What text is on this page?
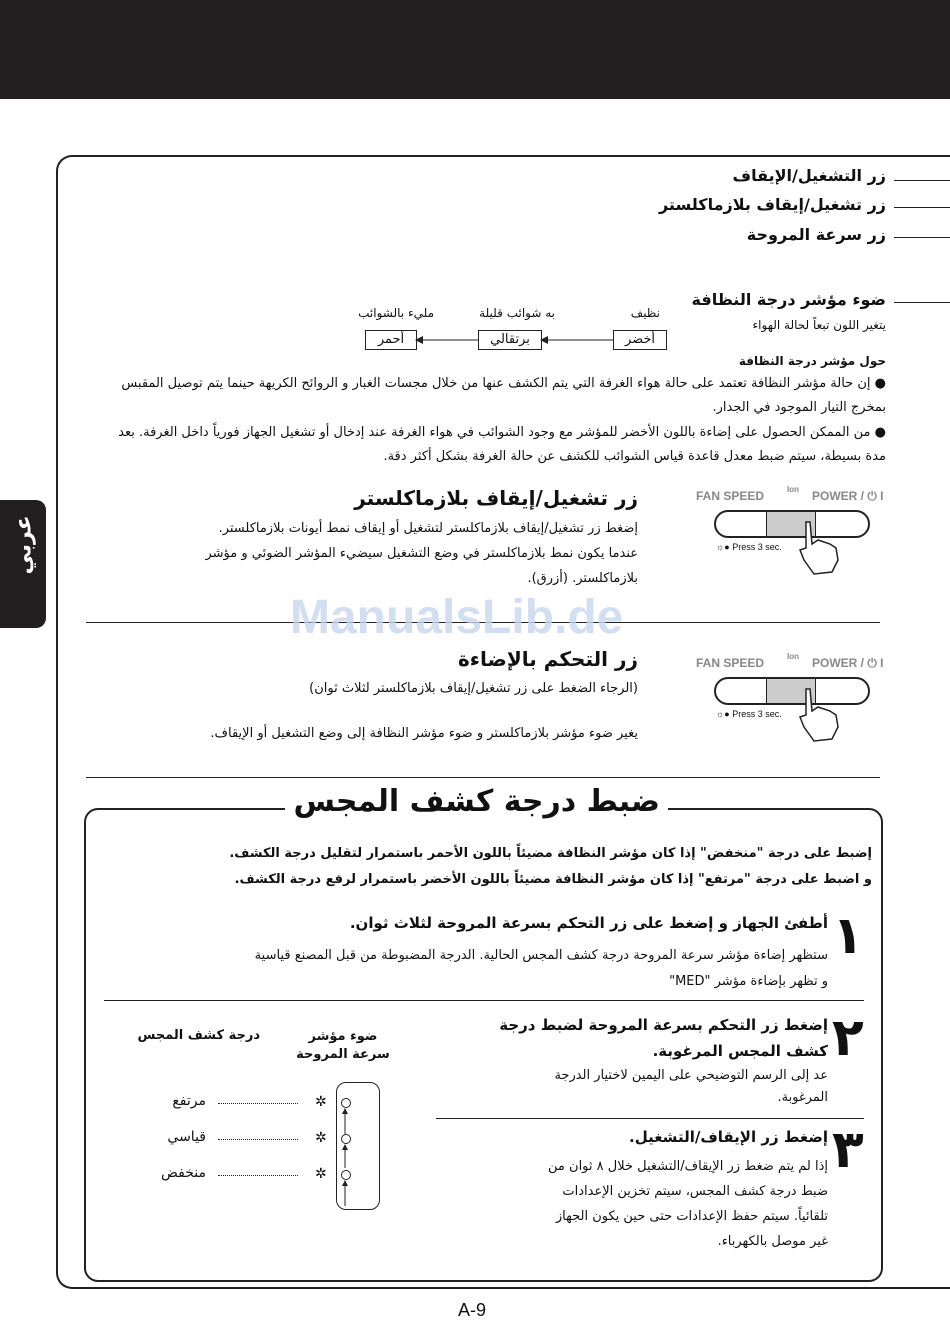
عربي
زر التشغيل/الإيقاف
زر تشغيل/إيقاف بلازماكلستر
زر سرعة المروحة
ضوء مؤشر درجة النظافة
يتغير اللون تبعاً لحالة الهواء
نظيف
أخضر
به شوائب قليلة
برتقالي
مليء بالشوائب
أحمر
حول مؤشر درجة النظافة
● إن حالة مؤشر النظافة تعتمد على حالة هواء الغرفة التي يتم الكشف عنها من خلال مجسات الغبار و الروائح الكريهة حينما يتم توصيل المقبس بمخرج التيار الموجود في الجدار.
● من الممكن الحصول على إضاءة باللون الأخضر للمؤشر مع وجود الشوائب في هواء الغرفة عند إدخال أو تشغيل الجهاز فورياً داخل الغرفة. بعد مدة بسيطة، سيتم ضبط معدل قاعدة قياس الشوائب للكشف عن حالة الغرفة بشكل أكثر دقة.
زر تشغيل/إيقاف بلازماكلستر
إضغط زر تشغيل/إيقاف بلازماكلستر لتشغيل أو إيقاف نمط أيونات بلازماكلستر.
عندما يكون نمط بلازماكلستر في وضع التشغيل سيضيء المؤشر الضوئي و مؤشر
بلازماكلستر. (أزرق).
FAN SPEED	Ion POWER / ⏻ I
☼● Press 3 sec.
ManualsLib.de
زر التحكم بالإضاءة
(الرجاء الضغط على زر تشغيل/إيقاف بلازماكلستر لثلاث ثوان)
يغير ضوء مؤشر بلازماكلستر و ضوء مؤشر النظافة إلى وضع التشغيل أو الإيقاف.
FAN SPEED	Ion POWER / ⏻ I
☼● Press 3 sec.
ضبط درجة كشف المجس
إضبط على درجة "منخفض" إذا كان مؤشر النظافة مضيئاً باللون الأحمر باستمرار لتقليل درجة الكشف.
و اضبط على درجة "مرتفع" إذا كان مؤشر النظافة مضيئاً باللون الأخضر باستمرار لرفع درجة الكشف.
١
أطفئ الجهاز و إضغط على زر التحكم بسرعة المروحة لثلاث ثوان.
ستظهر إضاءة مؤشر سرعة المروحة درجة كشف المجس الحالية. الدرجة المضبوطة من قبل المصنع قياسية
و تظهر بإضاءة مؤشر "MED"
٢
إضغط زر التحكم بسرعة المروحة لضبط درجة
كشف المجس المرغوبة.
عد إلى الرسم التوضيحي على اليمين لاختيار الدرجة
المرغوبة.
٣
إضغط زر الإيقاف/التشغيل.
إذا لم يتم ضغط زر الإيقاف/التشغيل خلال ٨ ثوان من
ضبط درجة كشف المجس، سيتم تخزين الإعدادات
تلقائياً. سيتم حفظ الإعدادات حتى حين يكون الجهاز
غير موصل بالكهرباء.
ضوء مؤشر سرعة المروحة
درجة كشف المجس
✲
✲
✲
مرتفع
قياسي
منخفض
A-9
